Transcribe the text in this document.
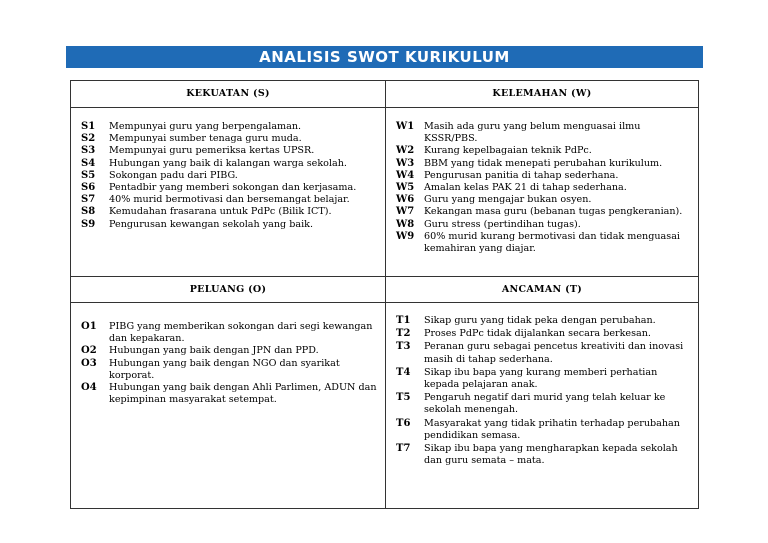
ANALISIS SWOT KURIKULUM
KEKUATAN (S)
S1	Mempunyai guru yang berpengalaman.
S2	Mempunyai sumber tenaga guru muda.
S3	Mempunyai guru pemeriksa kertas UPSR.
S4	Hubungan yang baik di kalangan warga sekolah.
S5	Sokongan padu dari PIBG.
S6	Pentadbir yang memberi sokongan dan kerjasama.
S7	40% murid bermotivasi dan bersemangat belajar.
S8	Kemudahan frasarana untuk PdPc (Bilik ICT).
S9	Pengurusan kewangan sekolah yang baik.
KELEMAHAN (W)
W1	Masih ada guru yang belum menguasai ilmu KSSR/PBS.
W2	Kurang kepelbagaian teknik PdPc.
W3	BBM yang tidak menepati perubahan kurikulum.
W4	Pengurusan panitia di tahap sederhana.
W5	Amalan kelas PAK 21 di tahap sederhana.
W6	Guru yang mengajar bukan osyen.
W7	Kekangan masa guru (bebanan tugas pengkeranian).
W8	Guru stress (pertindihan tugas).
W9	60% murid kurang bermotivasi dan tidak menguasai kemahiran yang diajar.
PELUANG (O)
O1	PIBG yang memberikan sokongan dari segi kewangan dan kepakaran.
O2	Hubungan yang baik dengan JPN dan PPD.
O3	Hubungan yang baik dengan NGO dan syarikat korporat.
O4	Hubungan yang baik dengan Ahli Parlimen, ADUN dan kepimpinan masyarakat setempat.
ANCAMAN (T)
T1	Sikap guru yang tidak peka dengan perubahan.
T2	Proses PdPc tidak dijalankan secara berkesan.
T3	Peranan guru sebagai pencetus kreativiti dan inovasi masih di tahap sederhana.
T4	Sikap ibu bapa yang kurang memberi perhatian kepada pelajaran anak.
T5	Pengaruh negatif dari murid yang telah keluar ke sekolah menengah.
T6	Masyarakat yang tidak prihatin terhadap perubahan pendidikan semasa.
T7	Sikap ibu bapa yang mengharapkan kepada sekolah dan guru semata – mata.
